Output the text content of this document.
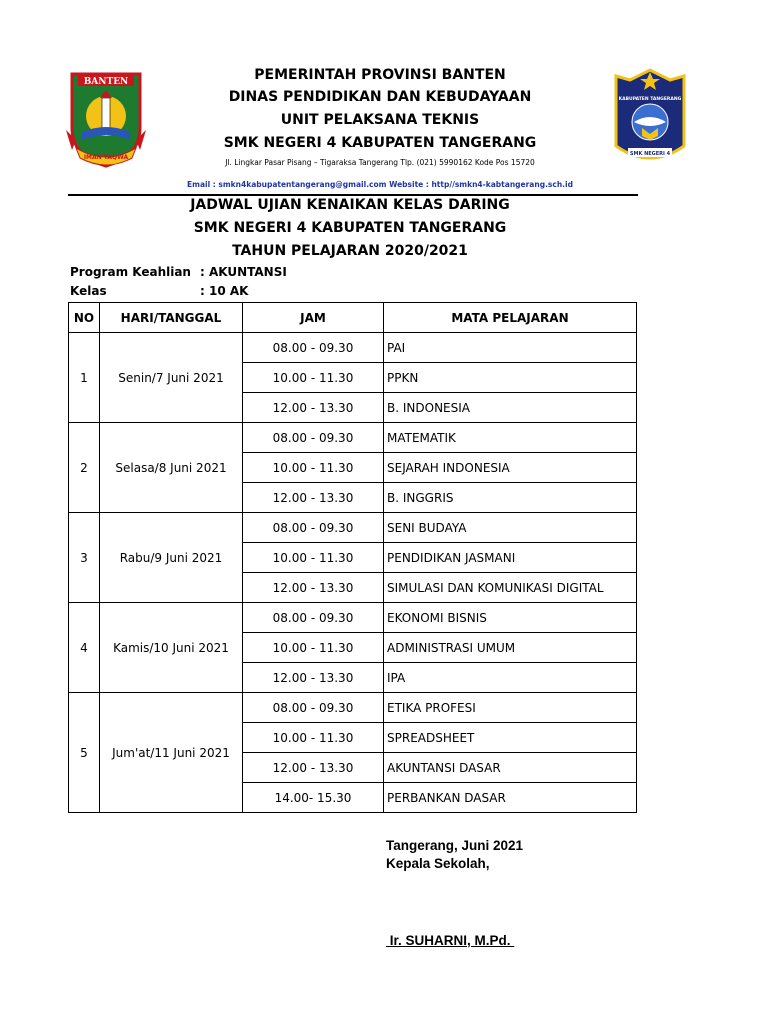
BANTEN
IMAN TAQWA
KABUPATEN TANGERANG
SMK NEGERI 4
PEMERINTAH PROVINSI BANTEN
DINAS PENDIDIKAN DAN KEBUDAYAAN
UNIT PELAKSANA TEKNIS
SMK NEGERI 4 KABUPATEN TANGERANG
Jl. Lingkar Pasar Pisang – Tigaraksa Tangerang Tlp. (021) 5990162 Kode Pos 15720
Email : smkn4kabupatentangerang@gmail.com Website : http//smkn4-kabtangerang.sch.id
JADWAL UJIAN KENAIKAN KELAS DARING
SMK NEGERI 4 KABUPATEN TANGERANG
TAHUN PELAJARAN 2020/2021
Program Keahlian : AKUNTANSI
Kelas	: 10 AK
NO	HARI/TANGGAL	JAM	MATA PELAJARAN
1	Senin/7 Juni 2021	08.00 - 09.30	PAI
		10.00 - 11.30	PPKN
		12.00 - 13.30	B. INDONESIA
2	Selasa/8 Juni 2021	08.00 - 09.30	MATEMATIK
		10.00 - 11.30	SEJARAH INDONESIA
		12.00 - 13.30	B. INGGRIS
3	Rabu/9 Juni 2021	08.00 - 09.30	SENI BUDAYA
		10.00 - 11.30	PENDIDIKAN JASMANI
		12.00 - 13.30	SIMULASI DAN KOMUNIKASI DIGITAL
4	Kamis/10 Juni 2021	08.00 - 09.30	EKONOMI BISNIS
		10.00 - 11.30	ADMINISTRASI UMUM
		12.00 - 13.30	IPA
5	Jum'at/11 Juni 2021	08.00 - 09.30	ETIKA PROFESI
		10.00 - 11.30	SPREADSHEET
		12.00 - 13.30	AKUNTANSI DASAR
		14.00- 15.30	PERBANKAN DASAR
Tangerang, Juni 2021
Kepala Sekolah,
Ir. SUHARNI, M.Pd.
